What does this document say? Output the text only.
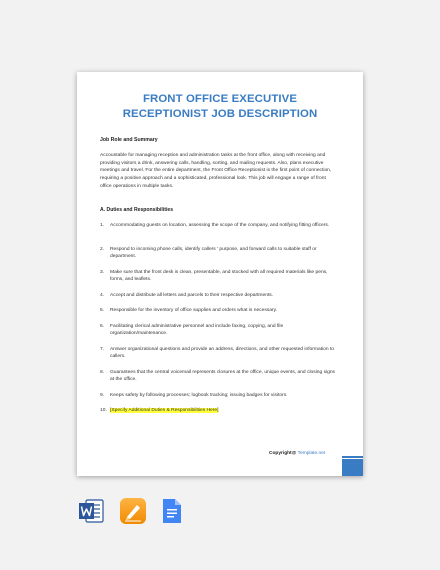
FRONT OFFICE EXECUTIVE
RECEPTIONIST JOB DESCRIPTION
Job Role and Summary
Accountable for managing reception and administration tasks at the front office, along with receiving and providing visitors a drink, answering calls, handling, sorting, and mailing requests. Also, plans executive meetings and travel. For the entire department, the Front Office Receptionist is the first point of connection, requiring a positive approach and a sophisticated, professional look. This job will engage a range of front office operations in multiple tasks.
A. Duties and Responsibilities
1. Accommodating guests on location, assessing the scope of the company, and notifying fitting officers.
2. Respond to incoming phone calls, identify callers ' purpose, and forward calls to suitable staff or department.
3. Make sure that the front desk is clean, presentable, and stocked with all required materials like pens, forms, and leaflets.
4. Accept and distribute all letters and parcels to their respective departments.
5. Responsible for the inventory of office supplies and orders what is necessary.
6. Facilitating clerical administrative personnel and include faxing, copying, and file organization/maintenance.
7. Answer organizational questions and provide an address, directions, and other requested information to callers.
8. Guarantees that the central voicemail represents closures at the office, unique events, and closing signs at the office.
9. Keeps safety by following processes; logbook tracking; issuing badges for visitors.
10. [Specify Additional Duties & Responsibilities Here]
Copyright@ Template.net
